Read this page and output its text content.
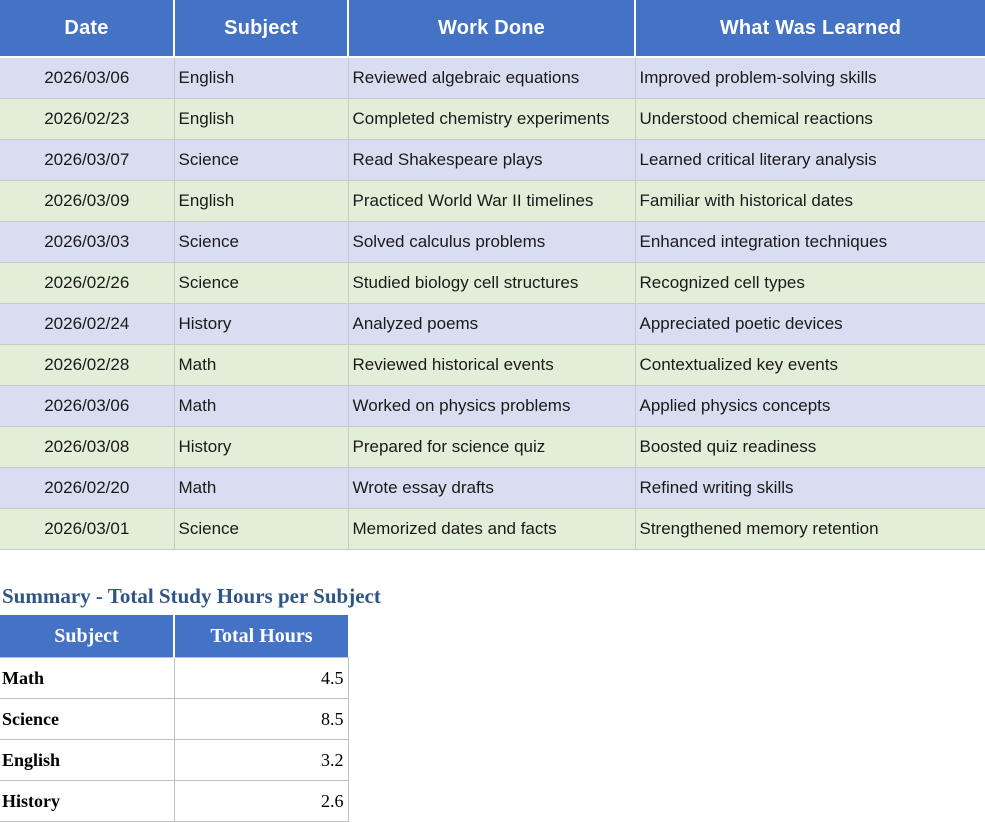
Date	Subject	Work Done	What Was Learned
2026/03/06	English	Reviewed algebraic equations	Improved problem-solving skills
2026/02/23	English	Completed chemistry experiments	Understood chemical reactions
2026/03/07	Science	Read Shakespeare plays	Learned critical literary analysis
2026/03/09	English	Practiced World War II timelines	Familiar with historical dates
2026/03/03	Science	Solved calculus problems	Enhanced integration techniques
2026/02/26	Science	Studied biology cell structures	Recognized cell types
2026/02/24	History	Analyzed poems	Appreciated poetic devices
2026/02/28	Math	Reviewed historical events	Contextualized key events
2026/03/06	Math	Worked on physics problems	Applied physics concepts
2026/03/08	History	Prepared for science quiz	Boosted quiz readiness
2026/02/20	Math	Wrote essay drafts	Refined writing skills
2026/03/01	Science	Memorized dates and facts	Strengthened memory retention
Summary - Total Study Hours per Subject
Subject	Total Hours
Math	4.5
Science	8.5
English	3.2
History	2.6
